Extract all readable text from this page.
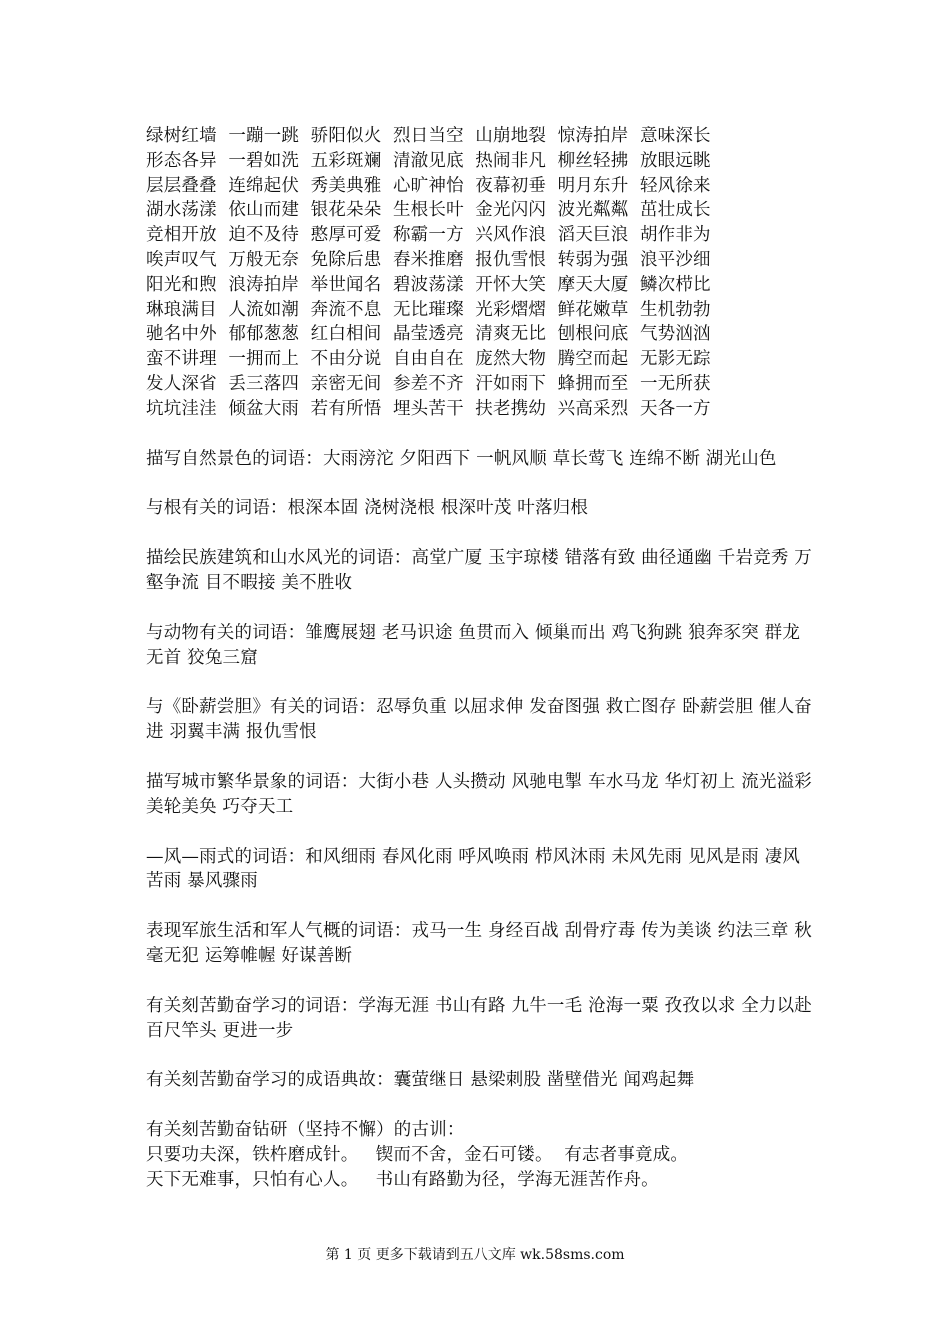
绿树红墙  一蹦一跳  骄阳似火  烈日当空  山崩地裂  惊涛拍岸  意味深长
形态各异  一碧如洗  五彩斑斓  清澈见底  热闹非凡  柳丝轻拂  放眼远眺
层层叠叠  连绵起伏  秀美典雅  心旷神怡  夜幕初垂  明月东升  轻风徐来
湖水荡漾  依山而建  银花朵朵  生根长叶  金光闪闪  波光粼粼  茁壮成长
竞相开放  迫不及待  憨厚可爱  称霸一方  兴风作浪  滔天巨浪  胡作非为
唉声叹气  万般无奈  免除后患  舂米推磨  报仇雪恨  转弱为强  浪平沙细
阳光和煦  浪涛拍岸  举世闻名  碧波荡漾  开怀大笑  摩天大厦  鳞次栉比
琳琅满目  人流如潮  奔流不息  无比璀璨  光彩熠熠  鲜花嫩草  生机勃勃
驰名中外  郁郁葱葱  红白相间  晶莹透亮  清爽无比  刨根问底  气势汹汹
蛮不讲理  一拥而上  不由分说  自由自在  庞然大物  腾空而起  无影无踪
发人深省  丢三落四  亲密无间  参差不齐  汗如雨下  蜂拥而至  一无所获
坑坑洼洼  倾盆大雨  若有所悟  埋头苦干  扶老携幼  兴高采烈  天各一方
描写自然景色的词语：大雨滂沱 夕阳西下 一帆风顺 草长莺飞 连绵不断 湖光山色
与根有关的词语：根深本固 浇树浇根 根深叶茂 叶落归根
描绘民族建筑和山水风光的词语：高堂广厦 玉宇琼楼 错落有致 曲径通幽 千岩竞秀 万壑争流 目不暇接 美不胜收
与动物有关的词语：雏鹰展翅 老马识途 鱼贯而入 倾巢而出 鸡飞狗跳 狼奔豕突 群龙无首 狡兔三窟
与《卧薪尝胆》有关的词语：忍辱负重 以屈求伸 发奋图强 救亡图存 卧薪尝胆 催人奋进 羽翼丰满 报仇雪恨
描写城市繁华景象的词语：大街小巷 人头攒动 风驰电掣 车水马龙 华灯初上 流光溢彩 美轮美奂 巧夺天工
—风—雨式的词语：和风细雨 春风化雨 呼风唤雨 栉风沐雨 未风先雨 见风是雨 凄风苦雨 暴风骤雨
表现军旅生活和军人气概的词语：戎马一生 身经百战 刮骨疗毒 传为美谈 约法三章 秋毫无犯 运筹帷幄 好谋善断
有关刻苦勤奋学习的词语：学海无涯 书山有路 九牛一毛 沧海一粟 孜孜以求 全力以赴 百尺竿头 更进一步
有关刻苦勤奋学习的成语典故：囊萤继日 悬梁刺股 凿壁借光 闻鸡起舞
有关刻苦勤奋钻研（坚持不懈）的古训：
只要功夫深，铁杵磨成针。   锲而不舍，金石可镂。  有志者事竟成。
天下无难事，只怕有心人。   书山有路勤为径，学海无涯苦作舟。
第 1 页 更多下载请到五八文库 wk.58sms.com
